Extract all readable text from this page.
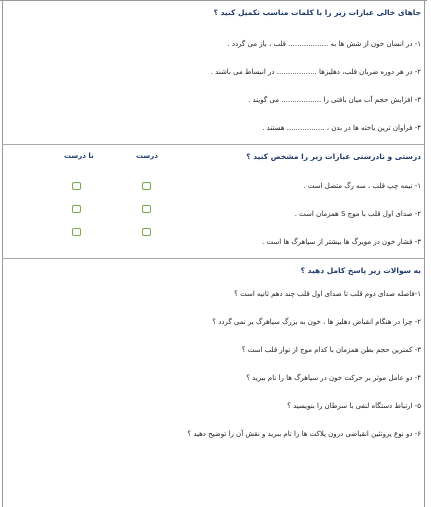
جاهای خالی عبارات زیر را با کلمات مناسب تکمیل کنید ؟
۱- در انسان خون از شش ها به .................. قلب ، باز می گردد .
۲- در هر دوره ضربان قلب، دهلیزها .................. در انبساط می باشند .
۳- افزایش حجم آب میان بافتی را .................. می گویند .
۴- فراوان ترین یاخته ها در بدن ، ................. هستند .
درستی و نادرستی عبارات زیر را مشخص کنید ؟
درست
نا درست
۱- نیمه چپ قلب ، سه رگ متصل است .
۲- صدای اول قلب با موج S همزمان است .
۳- فشار خون در مویرگ ها بیشتر از سیاهرگ ها است .
به سوالات زیر پاسخ کامل دهید ؟
۱-فاصله صدای دوم قلب تا صدای اول قلب چند دهم ثانیه است ؟
۲- چرا در هنگام انقباض دهلیز ها ، خون به بزرگ سیاهرگ بر نمی گردد ؟
۳- کمترین حجم بطن همزمان با کدام موج از نوار قلب است ؟
۴- دو عامل موثر بر حرکت خون در سیاهرگ ها را نام ببرید ؟
۵- ارتباط دستگاه لنفی با سرطان را بنویسید ؟
۶- دو نوع پروتئین انقباضی درون پلاکت ها را نام ببرید و نقش آن را توضیح دهید ؟
